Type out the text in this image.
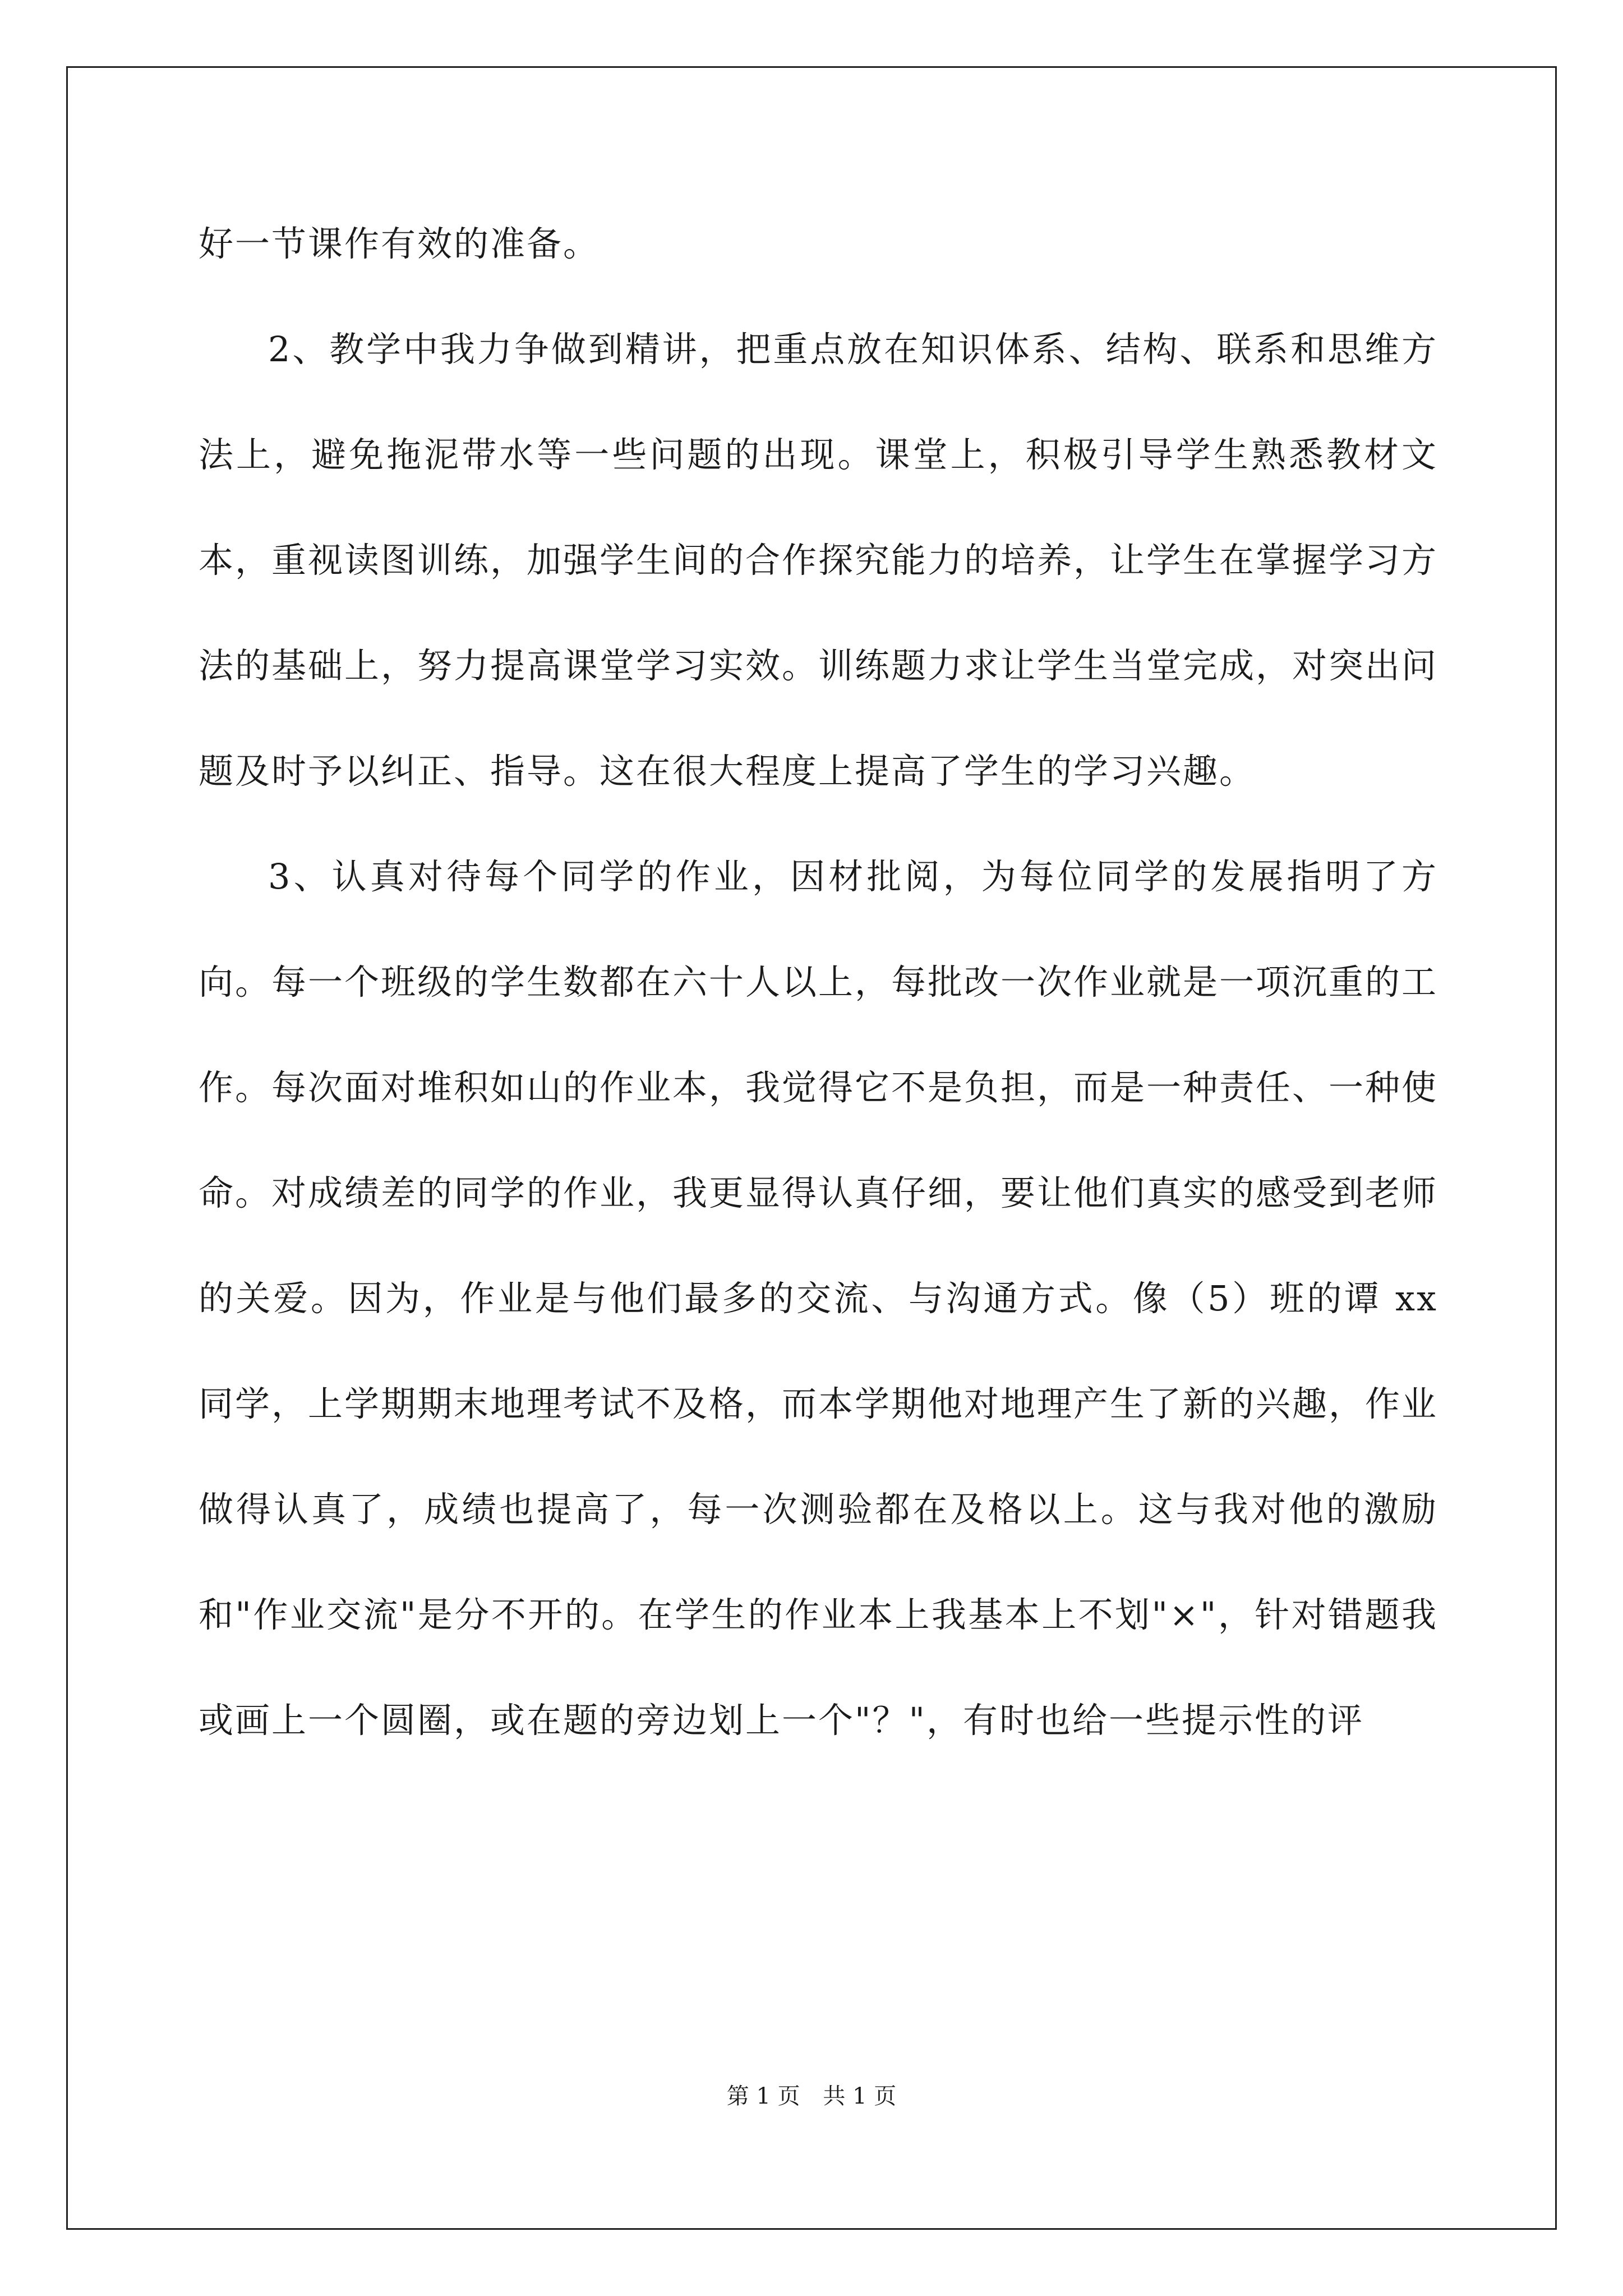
好一节课作有效的准备。

2、教学中我力争做到精讲，把重点放在知识体系、结构、联系和思维方法上，避免拖泥带水等一些问题的出现。课堂上，积极引导学生熟悉教材文本，重视读图训练，加强学生间的合作探究能力的培养，让学生在掌握学习方法的基础上，努力提高课堂学习实效。训练题力求让学生当堂完成，对突出问题及时予以纠正、指导。这在很大程度上提高了学生的学习兴趣。

3、认真对待每个同学的作业，因材批阅，为每位同学的发展指明了方向。每一个班级的学生数都在六十人以上，每批改一次作业就是一项沉重的工作。每次面对堆积如山的作业本，我觉得它不是负担，而是一种责任、一种使命。对成绩差的同学的作业，我更显得认真仔细，要让他们真实的感受到老师的关爱。因为，作业是与他们最多的交流、与沟通方式。像（5）班的谭 xx 同学，上学期期末地理考试不及格，而本学期他对地理产生了新的兴趣，作业做得认真了，成绩也提高了，每一次测验都在及格以上。这与我对他的激励和"作业交流"是分不开的。在学生的作业本上我基本上不划"×"，针对错题我或画上一个圆圈，或在题的旁边划上一个"？"，有时也给一些提示性的评

第 1 页 共 1 页
